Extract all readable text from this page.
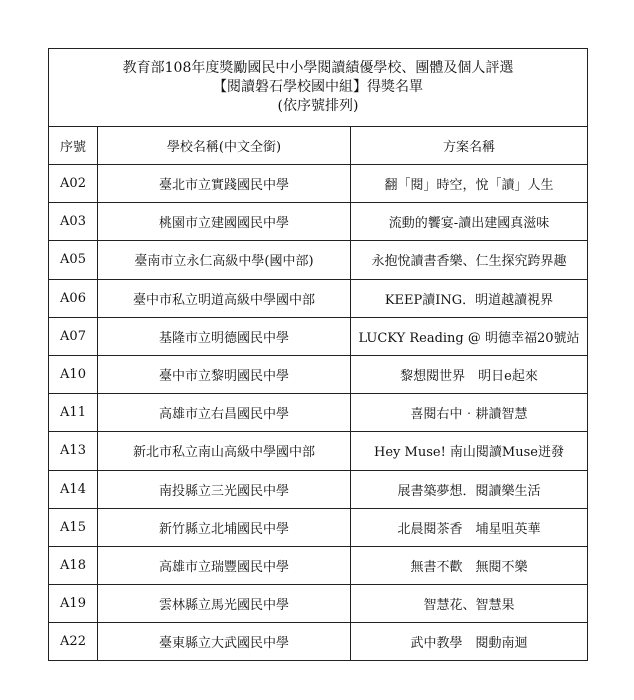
教育部108年度獎勵國民中小學閱讀績優學校、團體及個人評選
【閱讀磐石學校國中組】得獎名單
(依序號排列)
序號	學校名稱(中文全銜)	方案名稱
A02	臺北市立實踐國民中學	翻「閱」時空，悅「讀」人生
A03	桃園市立建國國民中學	流動的饗宴-讀出建國真滋味
A05	臺南市立永仁高級中學(國中部)	永抱悅讀書香樂、仁生探究跨界趣
A06	臺中市私立明道高級中學國中部	KEEP讀ING．明道越讀視界
A07	基隆市立明德國民中學	LUCKY Reading @ 明德幸福20號站
A10	臺中市立黎明國民中學	黎想閱世界　明日e起來
A11	高雄市立右昌國民中學	喜閱右中‧耕讀智慧
A13	新北市私立南山高級中學國中部	Hey Muse! 南山閱讀Muse迸發
A14	南投縣立三光國民中學	展書築夢想．閱讀樂生活
A15	新竹縣立北埔國民中學	北晨閱茶香　埔星咀英華
A18	高雄市立瑞豐國民中學	無書不歡　無閱不樂
A19	雲林縣立馬光國民中學	智慧花、智慧果
A22	臺東縣立大武國民中學	武中教學　閱動南迴
